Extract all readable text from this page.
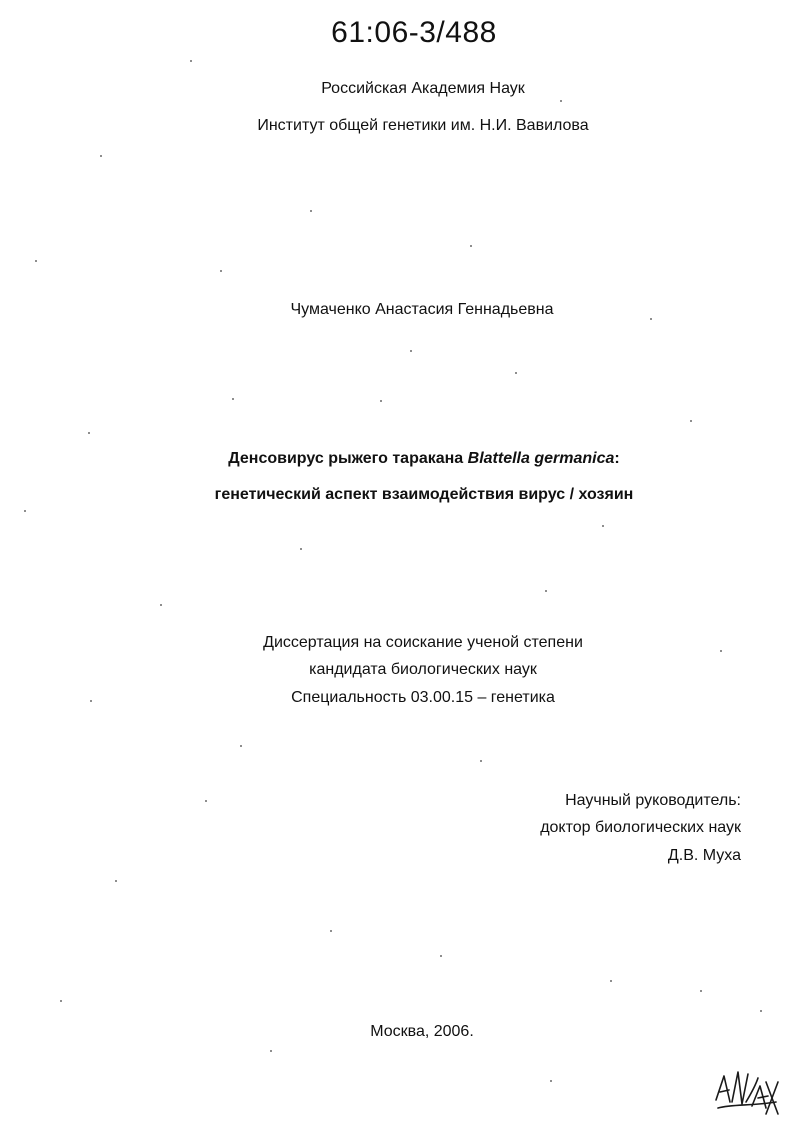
61:06-3/488
Российская Академия Наук
Институт общей генетики им. Н.И. Вавилова
Чумаченко Анастасия Геннадьевна
Денсовирус рыжего таракана Blattella germanica:
генетический аспект взаимодействия вирус / хозяин
Диссертация на соискание ученой степени
кандидата биологических наук
Специальность 03.00.15 – генетика
Научный руководитель:
доктор биологических наук
Д.В. Муха
Москва, 2006.
